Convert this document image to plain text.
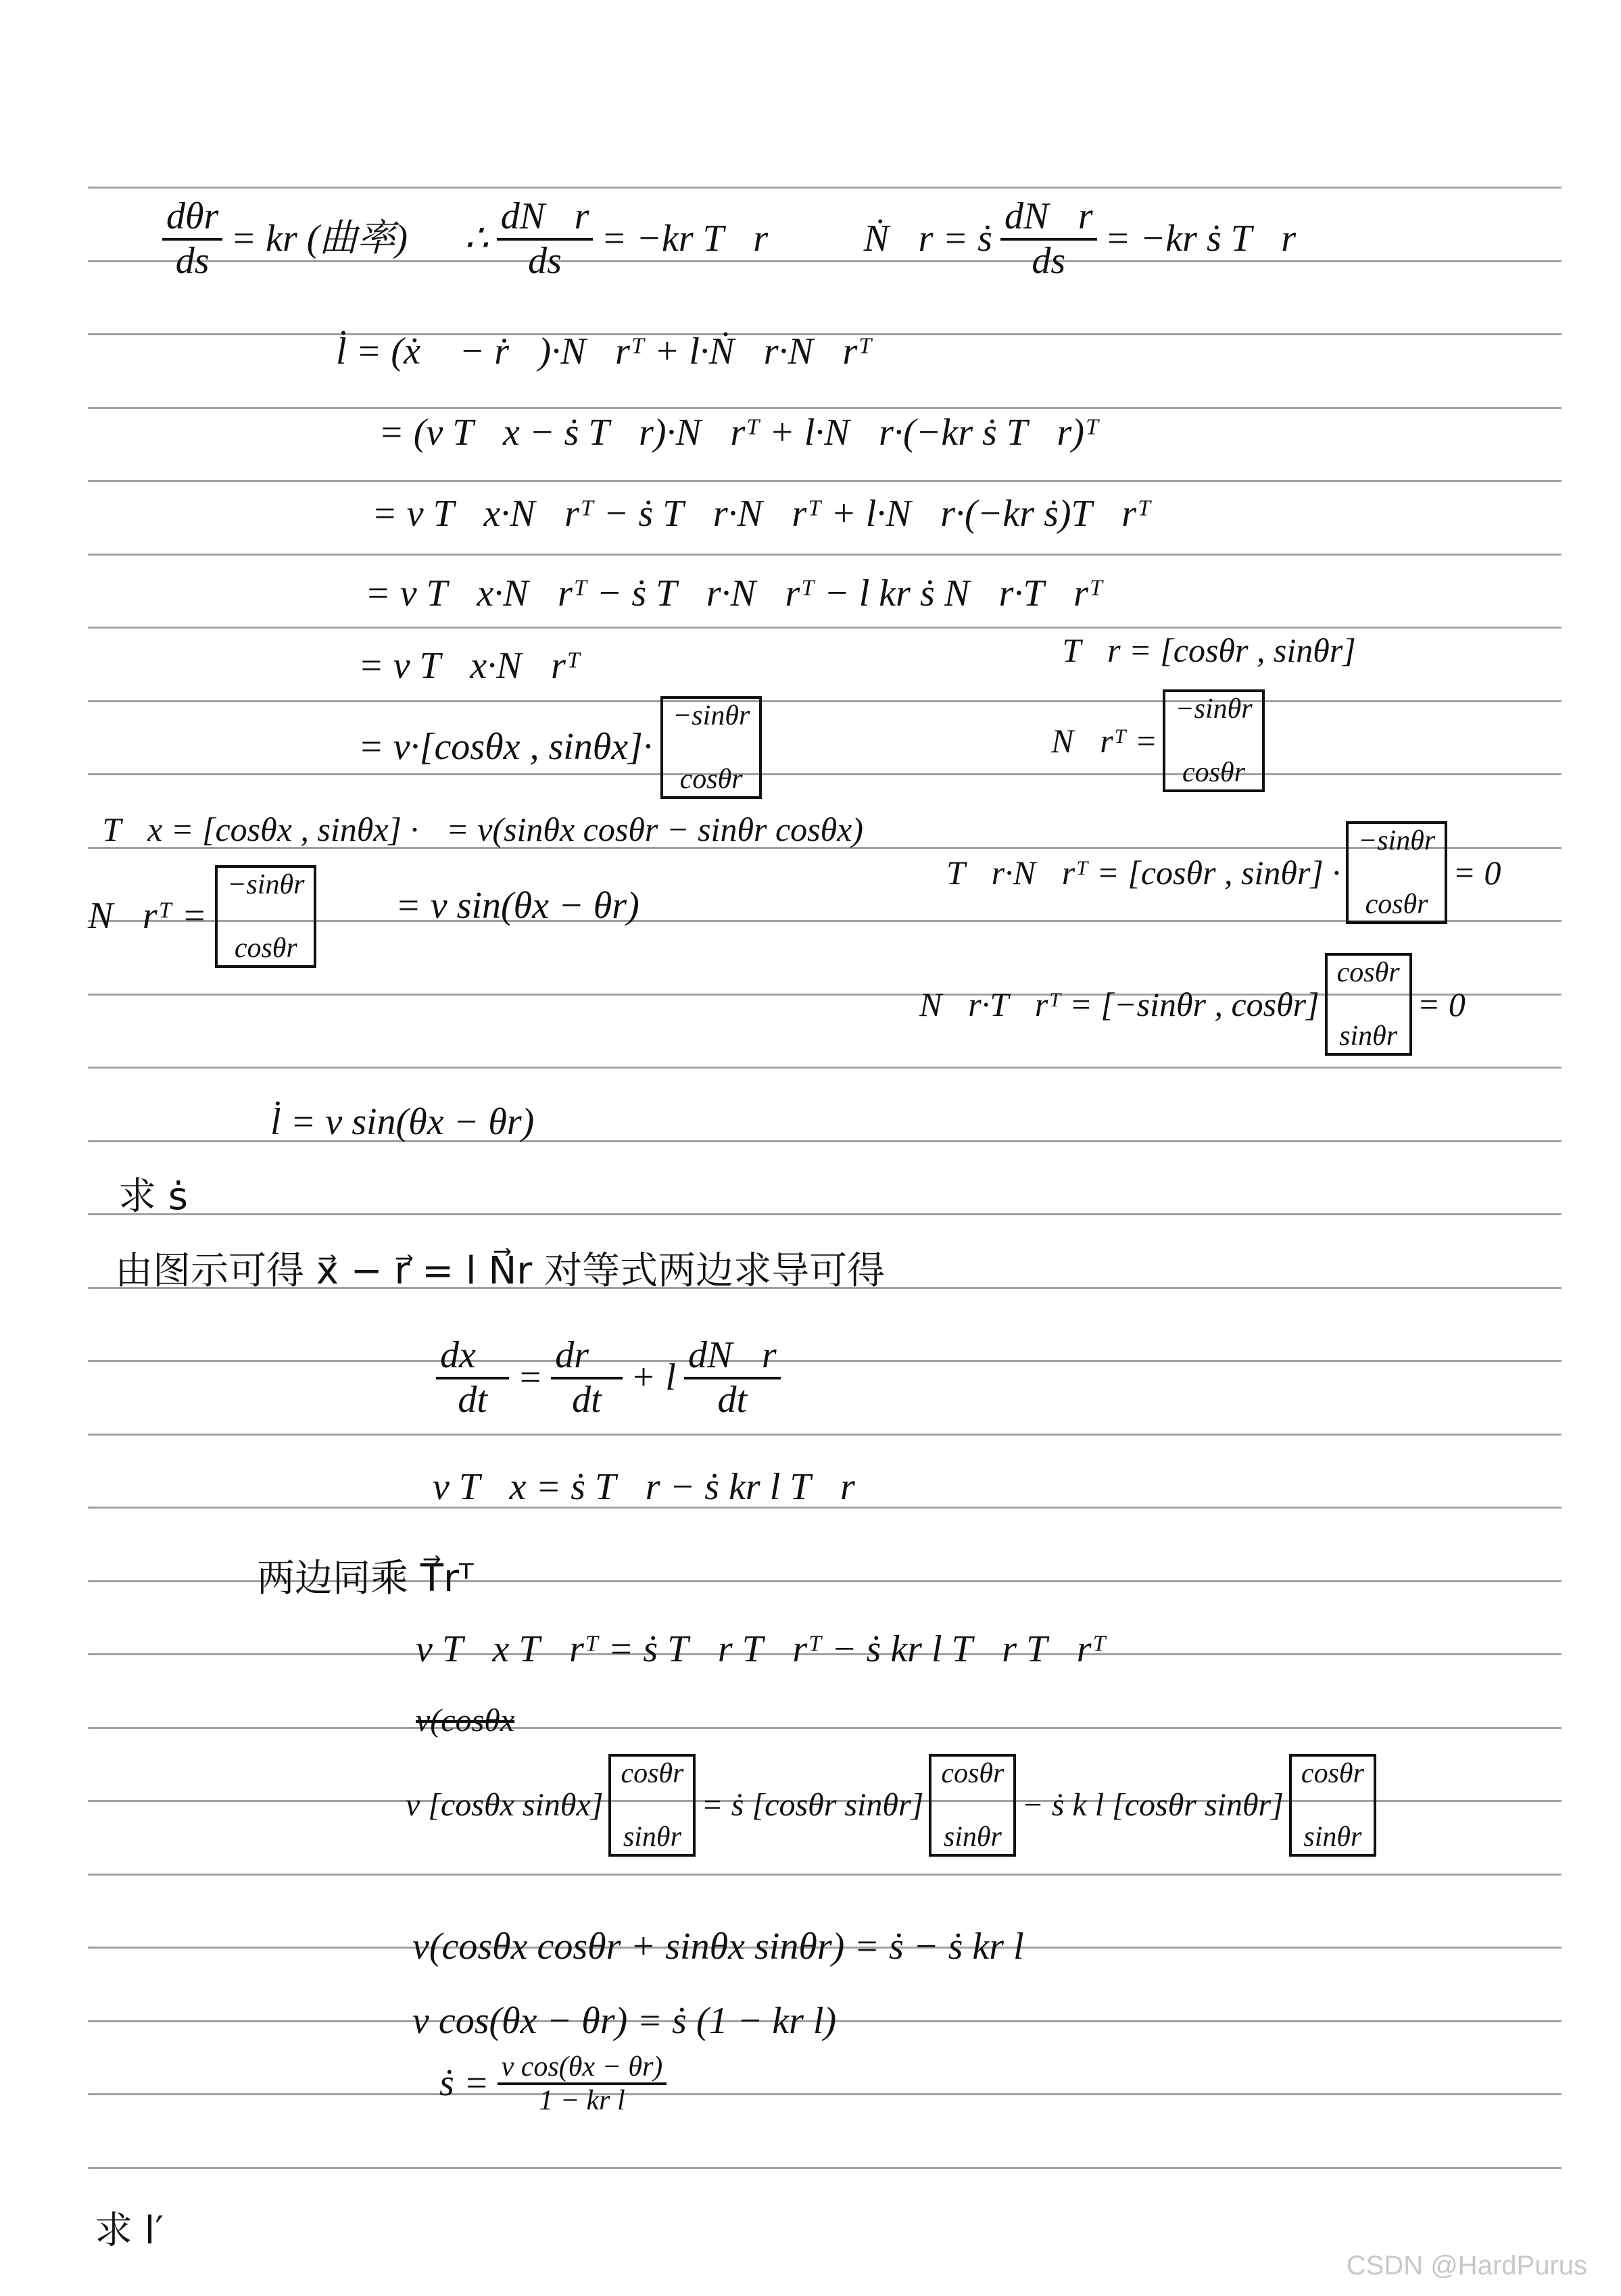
$\frac{\text{dθr}}{ds}$ = kr (曲率) ∴ $\frac{dN⃗r}{ds} = -kr$ T⃗r ∴ Ṅ⃗r = ṡ $\frac{dN⃗r}{ds} = -kr$ ṡ T⃗r
l̇ = (ẋ⃗ − ṙ⃗)·N⃗rᵀ + l·Ṅ⃗r·N⃗rᵀ
= (v T⃗x − ṡ T⃗r)·N⃗rᵀ + l·N⃗r·(−kr ṡ T⃗r)ᵀ
= v T⃗x·N⃗rᵀ − ṡ T⃗r·N⃗rᵀ + l·N⃗r·(−kr ṡ)T⃗rᵀ
= v T⃗x·N⃗rᵀ − ṡ T⃗r·N⃗rᵀ − l kr ṡ N⃗r·T⃗rᵀ
= v T⃗x·N⃗rᵀ
= v·[cosθx , sinθx]·
−sinθr
cosθr
∵ T⃗r = [cosθr , sinθr]
N⃗rᵀ =
−sinθr
cosθr
∵ T⃗x = [cosθx , sinθx] · = v(sinθx cosθr − sinθr cosθx)
N⃗rᵀ =
−sinθr
cosθr
= v sin(θx − θr)
T⃗r·N⃗rᵀ = [cosθr , sinθr] ·
−sinθr
cosθr
= 0
N⃗r·T⃗rᵀ = [−sinθr , cosθr]
cosθr
sinθr
= 0
l̇ = v sin(θx − θr)
求 ṡ
由图示可得 x⃗ − r⃗ = l N⃗r 对等式两边求导可得
$\frac{dx⃗}{dt} = \frac{dr⃗}{dt} + l \frac{dN⃗r}{dt}$
v T⃗x = ṡ T⃗r − ṡ kr l T⃗r
两边同乘 T⃗rᵀ
v T⃗x T⃗rᵀ = ṡ T⃗r T⃗rᵀ − ṡ kr l T⃗r T⃗rᵀ
v(cosθx
v [cosθx sinθx]
cosθr
sinθr
= ṡ [cosθr sinθr]
cosθr
sinθr
− ṡ k l [cosθr sinθr]
cosθr
sinθr
v(cosθx cosθr + sinθx sinθr) = ṡ − ṡ kr l
v cos(θx − θr) = ṡ (1 − kr l)
ṡ = $\frac{\text{v cos(θx − θr)}}{\text{1 − kr l}}$
求 l′
CSDN @HardPurus
